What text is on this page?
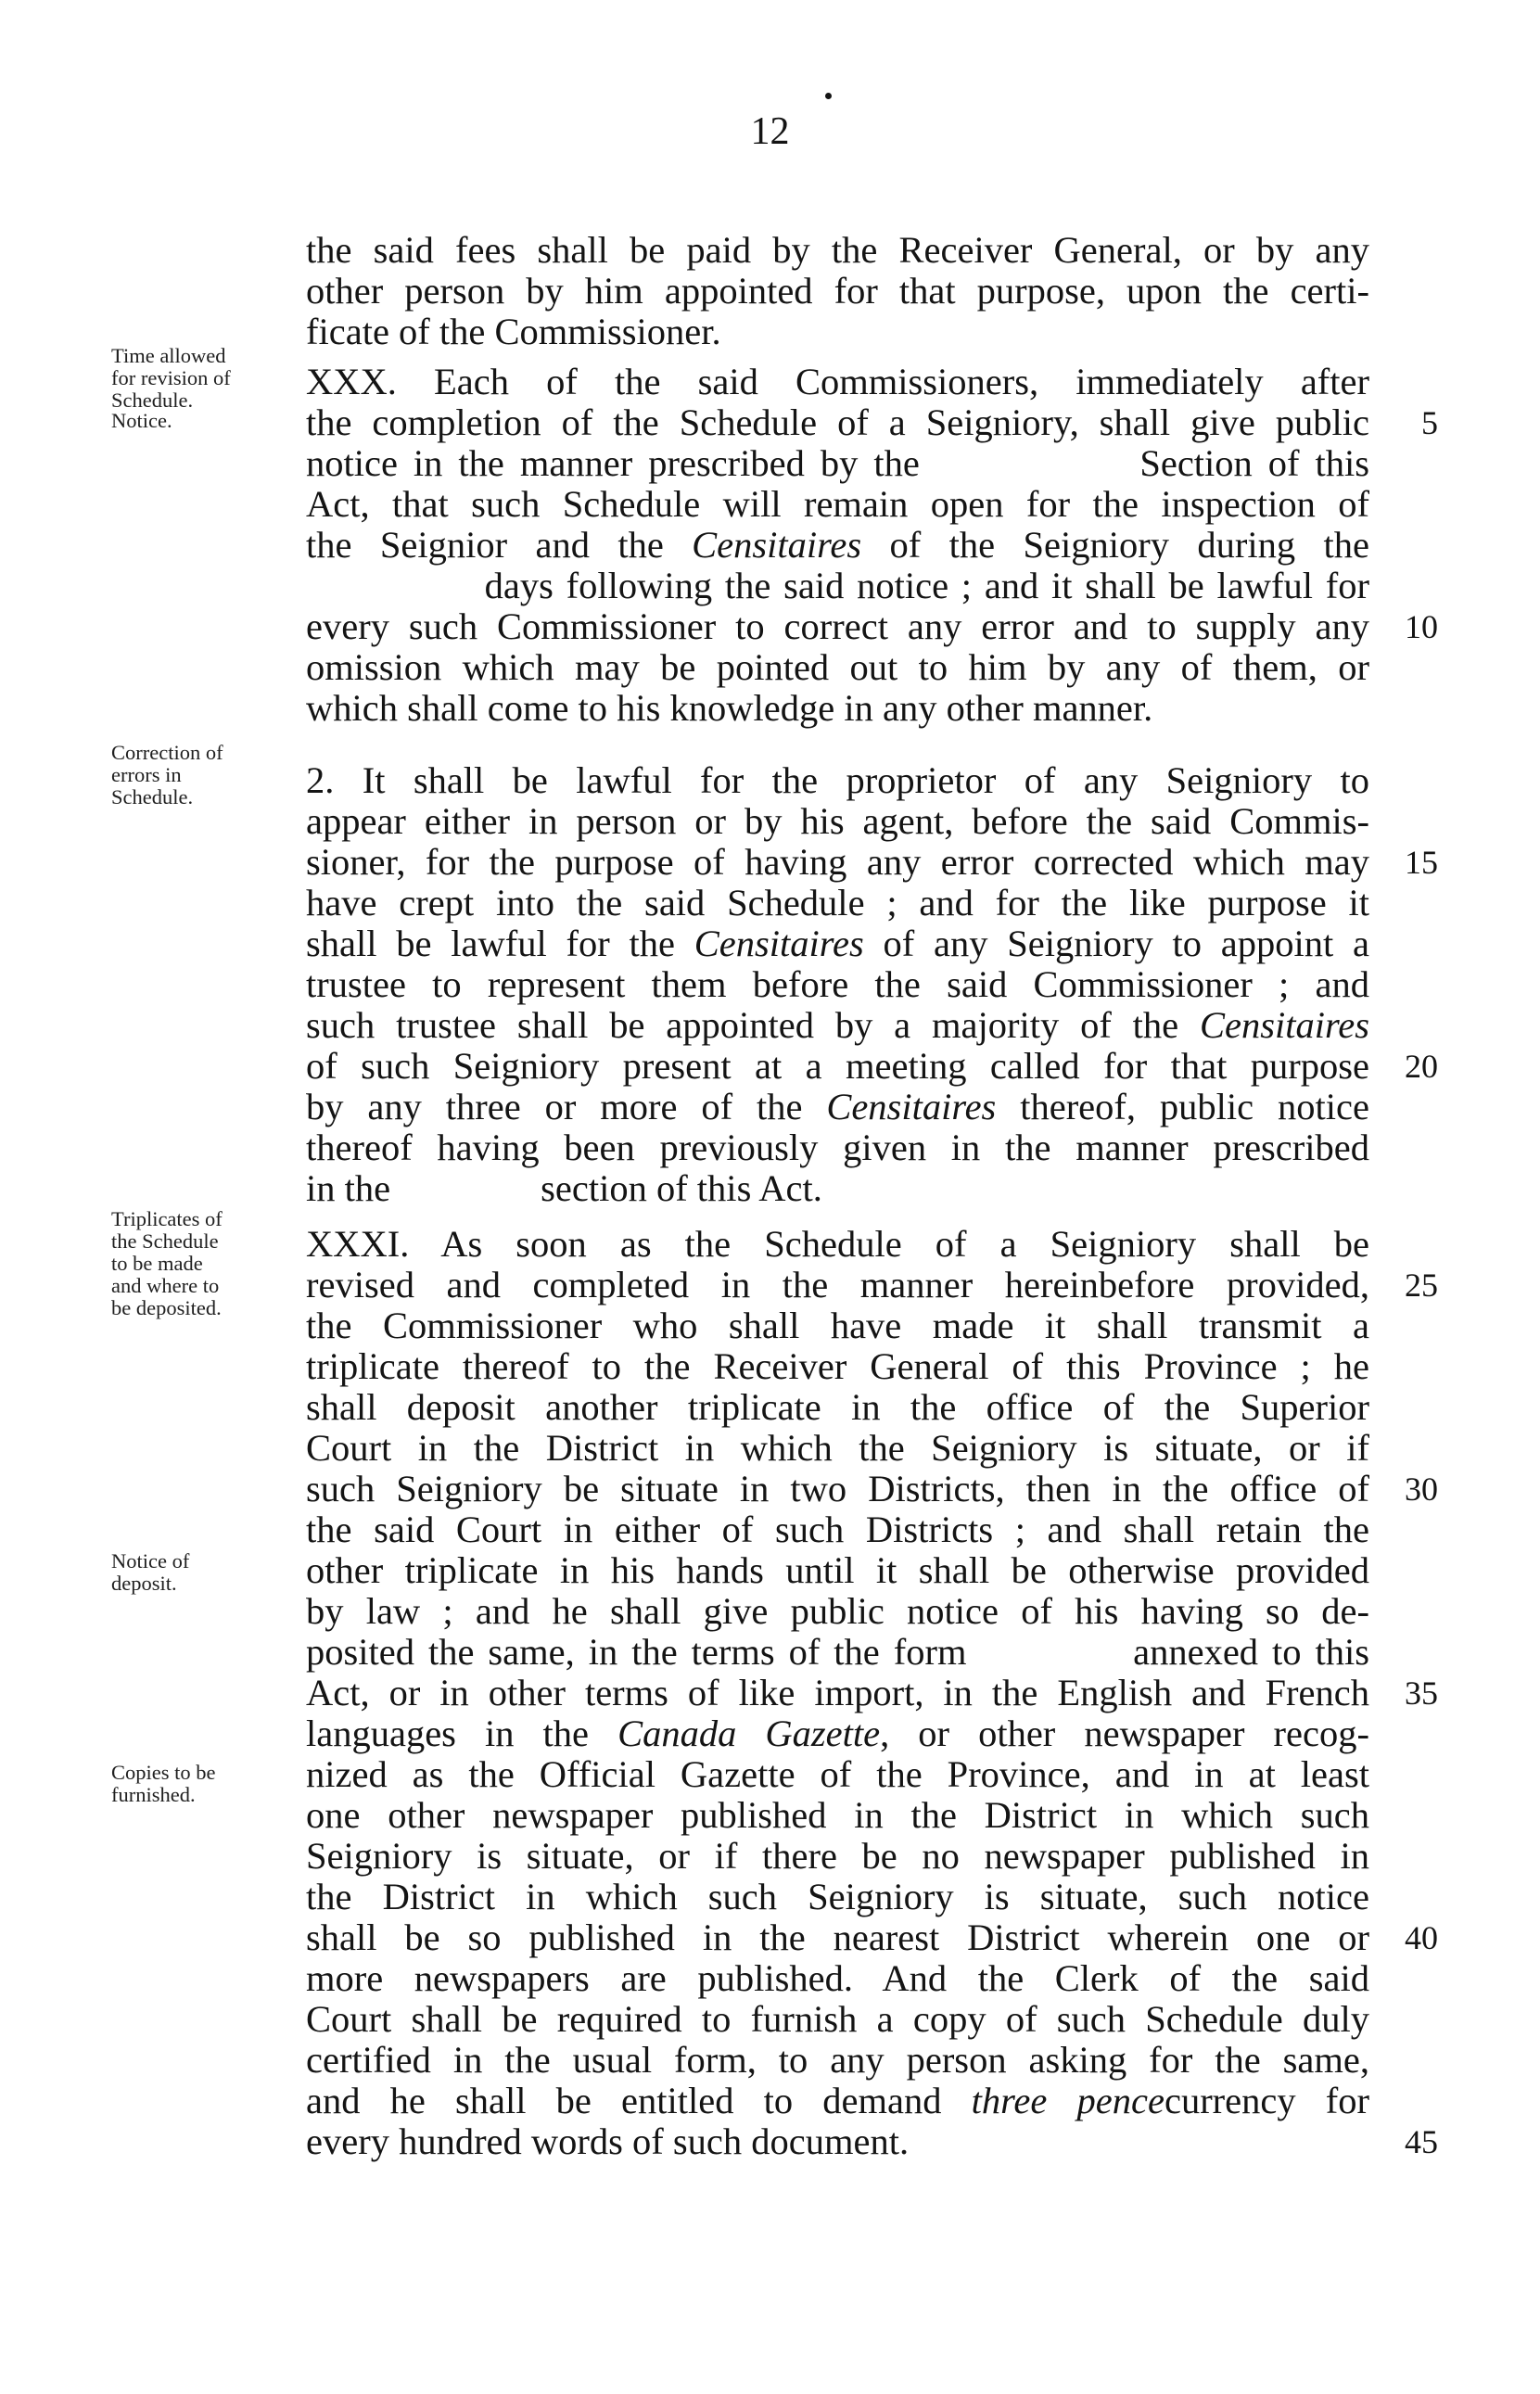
12
the said fees shall be paid by the Receiver General, or by any
other person by him appointed for that purpose, upon the certi-
ficate of the Commissioner.
XXX. Each of the said Commissioners, immediately after
the completion of the Schedule of a Seigniory, shall give public
notice in the manner prescribed by the              Section of this
Act, that such Schedule will remain open for the inspection of
the Seignior and the Censitaires of the Seigniory during the
days following the said notice ; and it shall be lawful for
every such Commissioner to correct any error and to supply any
omission which may be pointed out to him by any of them, or
which shall come to his knowledge in any other manner.
2. It shall be lawful for the proprietor of any Seigniory to
appear either in person or by his agent, before the said Commis-
sioner, for the purpose of having any error corrected which may
have crept into the said Schedule ; and for the like purpose it
shall be lawful for the Censitaires of any Seigniory to appoint a
trustee to represent them before the said Commissioner ; and
such trustee shall be appointed by a majority of the Censitaires
of such Seigniory present at a meeting called for that purpose
by any three or more of the Censitaires thereof, public notice
thereof having been previously given in the manner prescribed
in the                section of this Act.
XXXI. As soon as the Schedule of a Seigniory shall be
revised and completed in the manner hereinbefore provided,
the Commissioner who shall have made it shall transmit a
triplicate thereof to the Receiver General of this Province ; he
shall deposit another triplicate in the office of the Superior
Court in the District in which the Seigniory is situate, or if
such Seigniory be situate in two Districts, then in the office of
the said Court in either of such Districts ; and shall retain the
other triplicate in his hands until it shall be otherwise provided
by law ; and he shall give public notice of his having so de-
posited the same, in the terms of the form            annexed to this
Act, or in other terms of like import, in the English and French
languages in the Canada Gazette, or other newspaper recog-
nized as the Official Gazette of the Province, and in at least
one other newspaper published in the District in which such
Seigniory is situate, or if there be no newspaper published in
the District in which such Seigniory is situate, such notice
shall be so published in the nearest District wherein one or
more newspapers are published. And the Clerk of the said
Court shall be required to furnish a copy of such Schedule duly
certified in the usual form, to any person asking for the same,
and he shall be entitled to demand three pencecurrency for
every hundred words of such document.
5
10
15
20
25
30
35
40
45
Time allowed
for revision of
Schedule.
Notice.
Correction of
errors in
Schedule.
Triplicates of
the Schedule
to be made
and where to
be deposited.
Notice of
deposit.
Copies to be
furnished.
